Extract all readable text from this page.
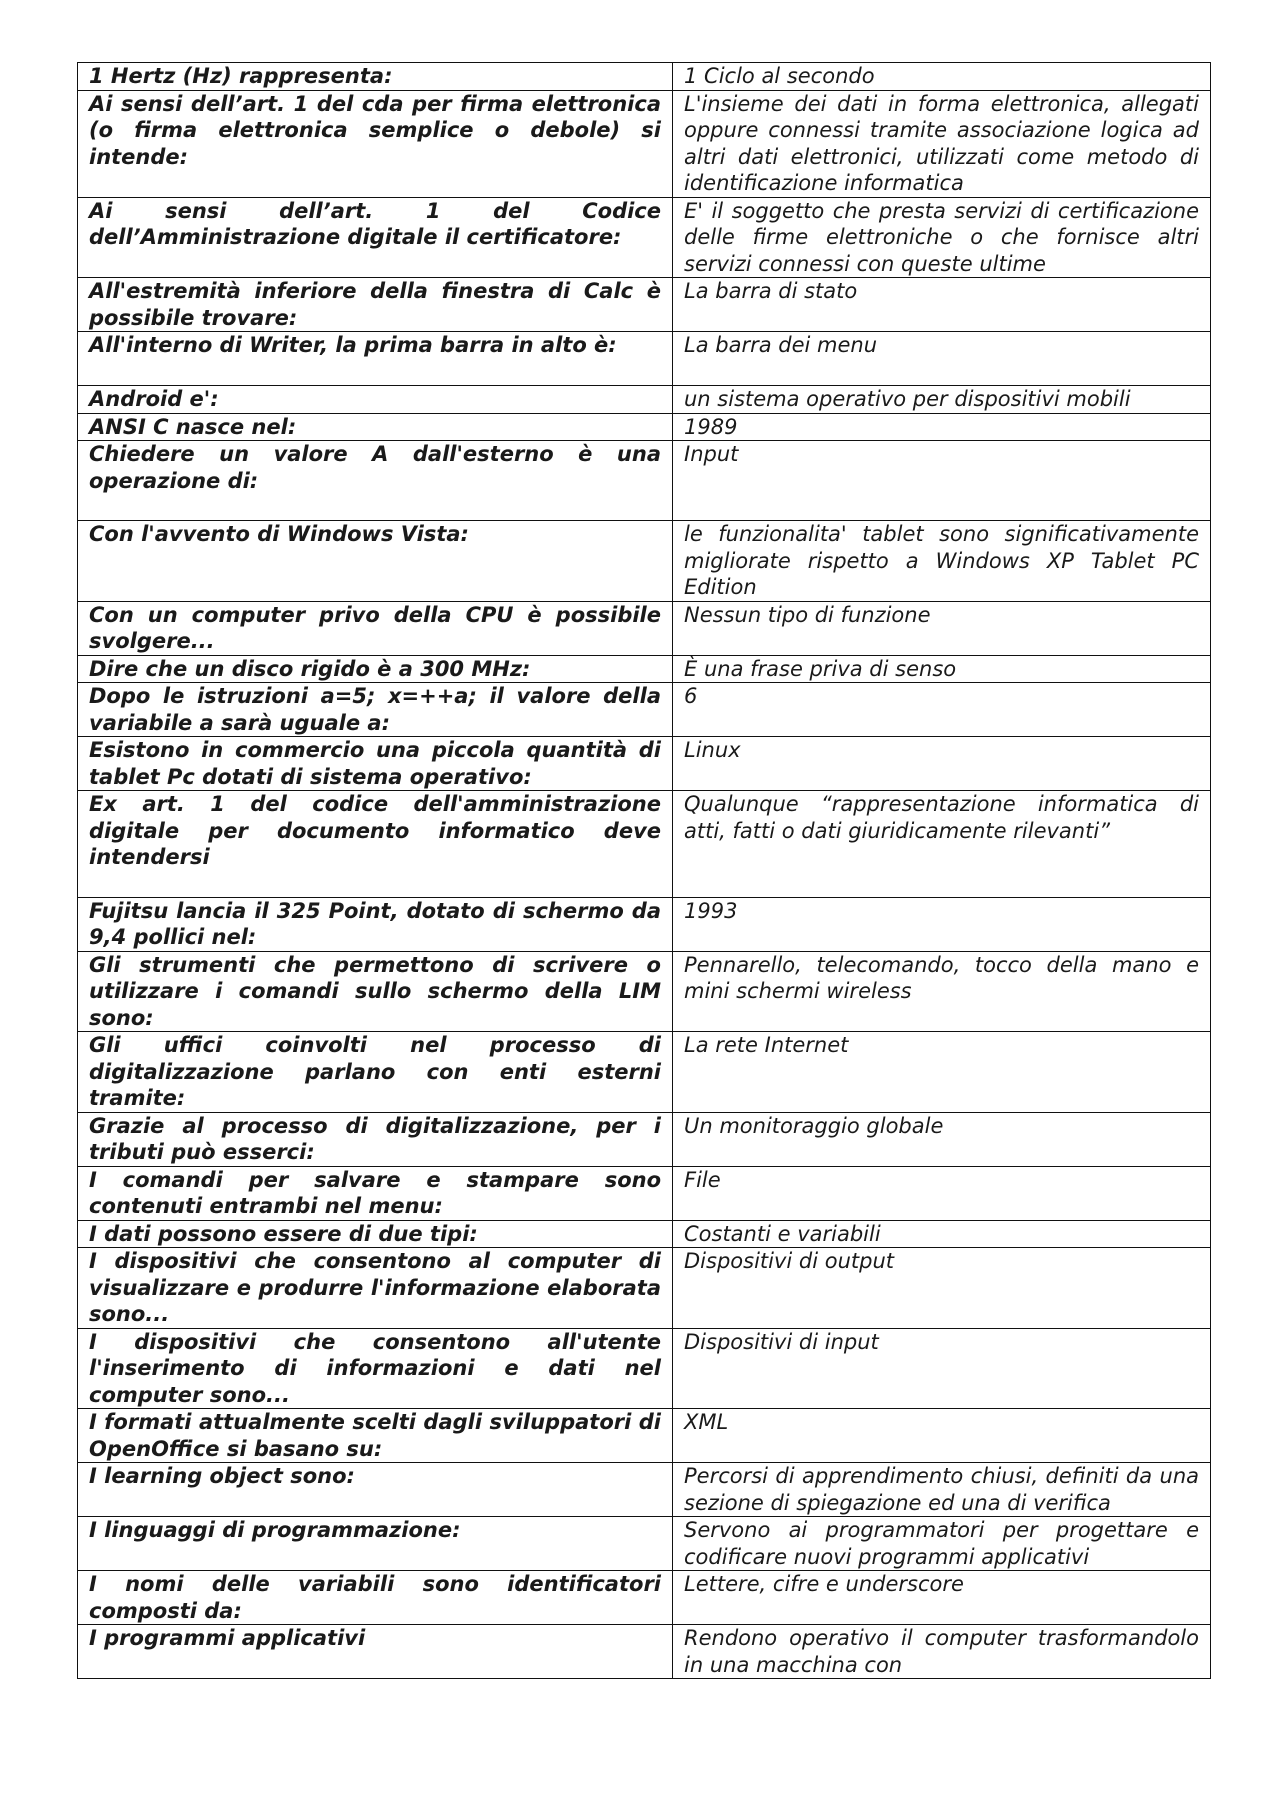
1 Hertz (Hz) rappresenta:	1 Ciclo al secondo
Ai sensi dell’art. 1 del cda per firma elettronica (o firma elettronica semplice o debole) si intende:	L'insieme dei dati in forma elettronica, allegati oppure connessi tramite associazione logica ad altri dati elettronici, utilizzati come metodo di identificazione informatica
Ai sensi dell’art. 1 del Codice dell’Amministrazione digitale il certificatore:	E' il soggetto che presta servizi di certificazione delle firme elettroniche o che fornisce altri servizi connessi con queste ultime
All'estremità inferiore della finestra di Calc è possibile trovare:	La barra di stato
All'interno di Writer, la prima barra in alto è:	La barra dei menu
Android e':	un sistema operativo per dispositivi mobili
ANSI C nasce nel:	1989
Chiedere un valore A dall'esterno è una operazione di:	Input
Con l'avvento di Windows Vista:	le funzionalita' tablet sono significativamente migliorate rispetto a Windows XP Tablet PC Edition
Con un computer privo della CPU è possibile svolgere...	Nessun tipo di funzione
Dire che un disco rigido è a 300 MHz:	È una frase priva di senso
Dopo le istruzioni a=5; x=++a; il valore della variabile a sarà uguale a:	6
Esistono in commercio una piccola quantità di tablet Pc dotati di sistema operativo:	Linux
Ex art. 1 del codice dell'amministrazione digitale per documento informatico deve intendersi	Qualunque “rappresentazione informatica di atti, fatti o dati giuridicamente rilevanti”
Fujitsu lancia il 325 Point, dotato di schermo da 9,4 pollici nel:	1993
Gli strumenti che permettono di scrivere o utilizzare i comandi sullo schermo della LIM sono:	Pennarello, telecomando, tocco della mano e mini schermi wireless
Gli uffici coinvolti nel processo di digitalizzazione parlano con enti esterni tramite:	La rete Internet
Grazie al processo di digitalizzazione, per i tributi può esserci:	Un monitoraggio globale
I comandi per salvare e stampare sono contenuti entrambi nel menu:	File
I dati possono essere di due tipi:	Costanti e variabili
I dispositivi che consentono al computer di visualizzare e produrre l'informazione elaborata sono...	Dispositivi di output
I dispositivi che consentono all'utente l'inserimento di informazioni e dati nel computer sono...	Dispositivi di input
I formati attualmente scelti dagli sviluppatori di OpenOffice si basano su:	XML
I learning object sono:	Percorsi di apprendimento chiusi, definiti da una sezione di spiegazione ed una di verifica
I linguaggi di programmazione:	Servono ai programmatori per progettare e codificare nuovi programmi applicativi
I nomi delle variabili sono identificatori composti da:	Lettere, cifre e underscore
I programmi applicativi	Rendono operativo il computer trasformandolo in una macchina con
